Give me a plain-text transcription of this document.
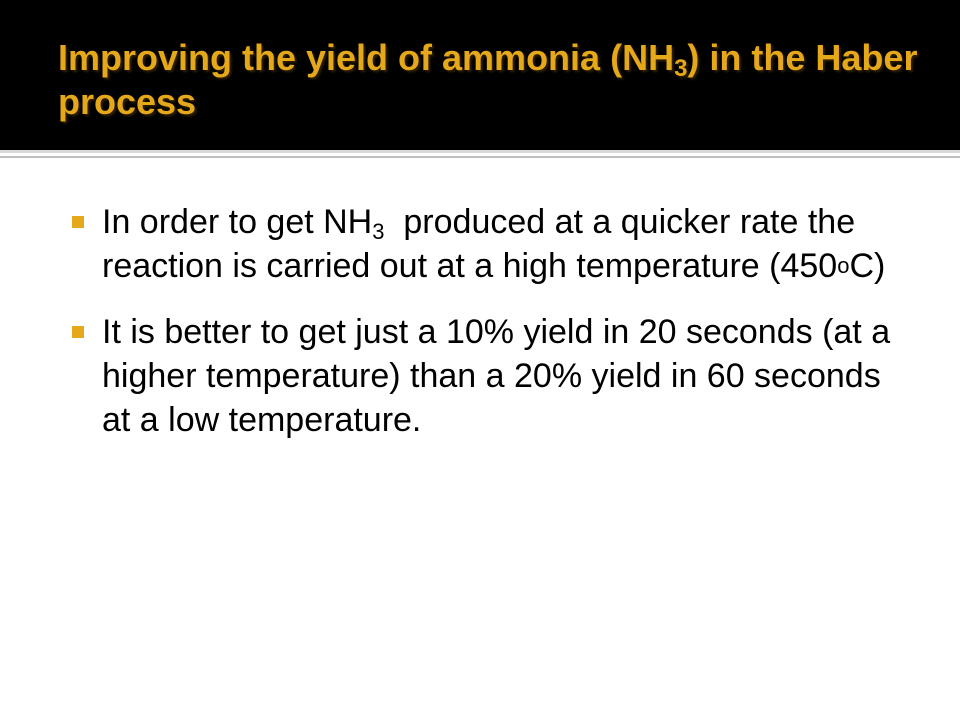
Improving the yield of ammonia $(NH_3)$ in the Haber process
In order to get $NH_3$  produced at a quicker rate the reaction is carried out at a high temperature (450$^o$C)
It is better to get just a 10% yield in 20 seconds (at a higher temperature) than a 20% yield in 60 seconds at a low temperature.
